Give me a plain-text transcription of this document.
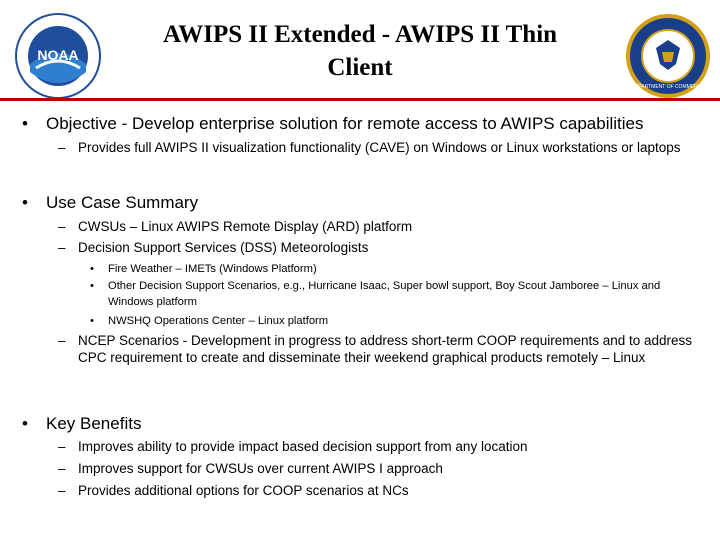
NOAA
AWIPS II Extended - AWIPS II Thin
Client
DEPARTMENT OF COMMERCE
• Objective - Develop enterprise solution for remote access to AWIPS capabilities
– Provides full AWIPS II visualization functionality (CAVE) on Windows or Linux workstations or laptops
• Use Case Summary
– CWSUs – Linux AWIPS Remote Display (ARD) platform
– Decision Support Services (DSS) Meteorologists
• Fire Weather – IMETs (Windows Platform)
• Other Decision Support Scenarios, e.g., Hurricane Isaac, Super bowl support, Boy Scout Jamboree – Linux and Windows platform
• NWSHQ Operations Center – Linux platform
– NCEP Scenarios - Development in progress to address short-term COOP requirements and to address CPC requirement to create and disseminate their weekend graphical products remotely – Linux
• Key Benefits
– Improves ability to provide impact based decision support from any location
– Improves support for CWSUs over current AWIPS I approach
– Provides additional options for COOP scenarios at NCs
